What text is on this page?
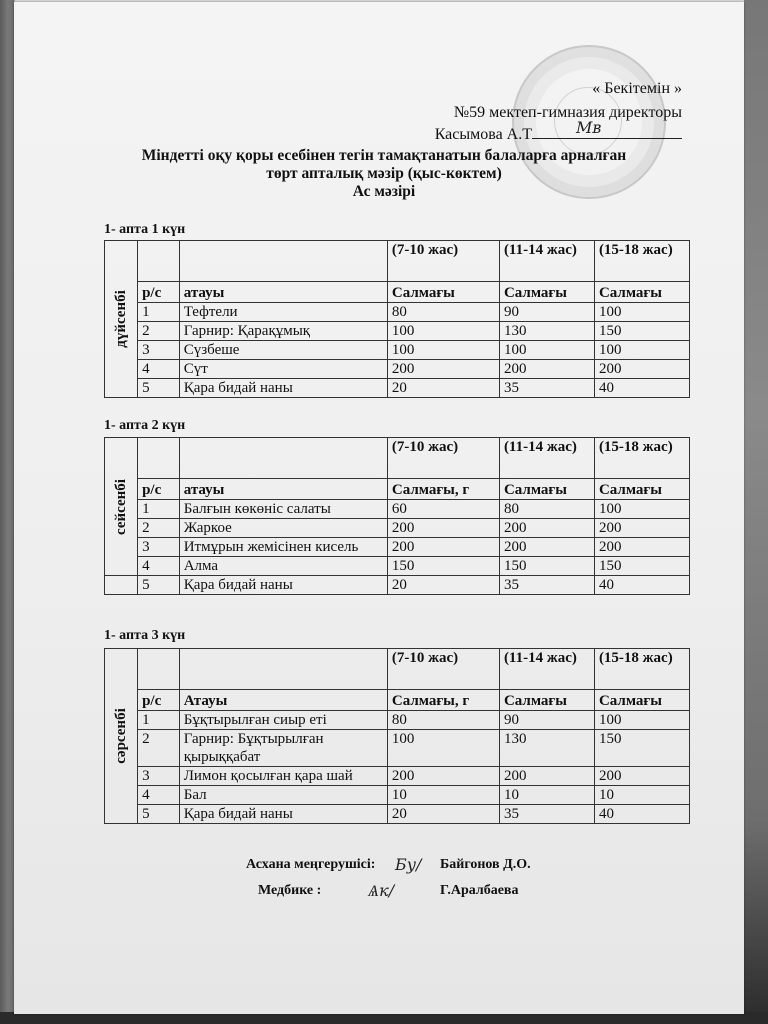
« Бекітемін »
№59 мектеп-гимназия директоры
Касымова А.Т	Мʙ
Міндетті оқу қоры есебінен тегін тамақтанатын балаларға арналған
төрт апталық мәзір (қыс-көктем)
Ас мәзірі
1- апта 1 күн
дүйсенбі			(7-10 жас)	(11-14 жас)	(15-18 жас)
	р/с	атауы	Салмағы	Салмағы	Салмағы
	1	Тефтели	80	90	100
	2	Гарнир: Қарақұмық	100	130	150
	3	Сүзбеше	100	100	100
	4	Сүт	200	200	200
	5	Қара бидай наны	20	35	40
1- апта 2 күн
сейсенбі			(7-10 жас)	(11-14 жас)	(15-18 жас)
	р/с	атауы	Салмағы, г	Салмағы	Салмағы
	1	Балғын көкөніс салаты	60	80	100
	2	Жаркое	200	200	200
	3	Итмұрын жемісінен кисель	200	200	200
	4	Алма	150	150	150
	5	Қара бидай наны	20	35	40
1- апта 3 күн
сәрсенбі			(7-10 жас)	(11-14 жас)	(15-18 жас)
	р/с	Атауы	Салмағы, г	Салмағы	Салмағы
	1	Бұқтырылған сиыр еті	80	90	100
	2	Гарнир: Бұқтырылған қырыққабат	100	130	150
	3	Лимон қосылған қара шай	200	200	200
	4	Бал	10	10	10
	5	Қара бидай наны	20	35	40
Асхана меңгерушісі: Бу/ Байгонов Д.О.
Медбике :	Ѧк∕	Г.Аралбаева
